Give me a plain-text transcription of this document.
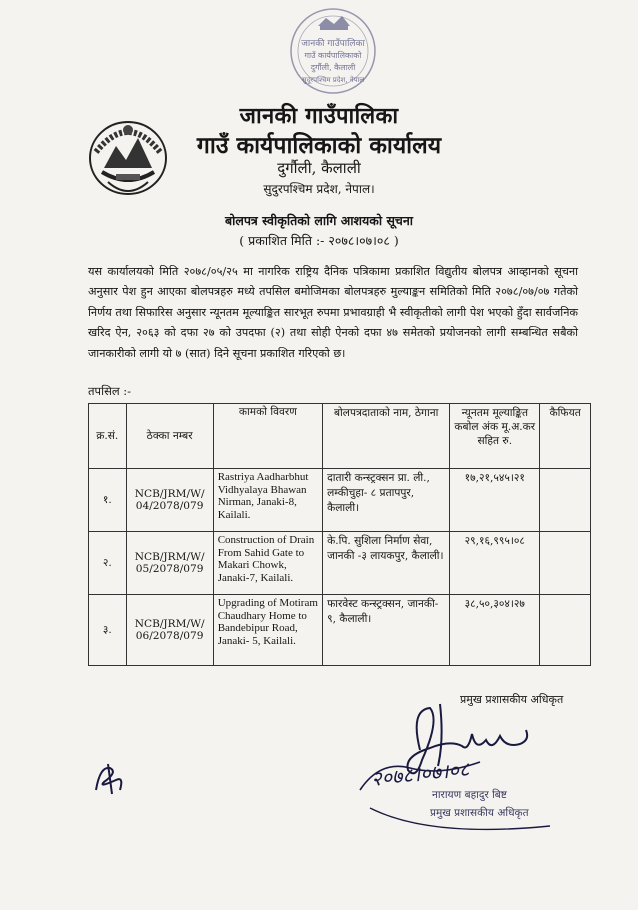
जानकी गाउँपालिका
गाउँ कार्यपालिकाको
दुर्गौली, कैलाली
सुदूरपश्चिम प्रदेश, नेपाल
जानकी गाउँपालिका
गाउँ कार्यपालिकाको कार्यालय
दुर्गौली, कैलाली
सुदुरपश्चिम प्रदेश, नेपाल।
बोलपत्र स्वीकृतिको लागि आशयको सूचना
( प्रकाशित मिति :- २०७८।०७।०८ )
यस कार्यालयको मिति २०७८/०५/२५ मा नागरिक राष्ट्रिय दैनिक पत्रिकामा प्रकाशित विद्युतीय बोलपत्र आव्हानको सूचना अनुसार पेश हुन आएका बोलपत्रहरु मध्ये तपसिल बमोजिमका बोलपत्रहरु मुल्याङ्कन समितिको मिति २०७८/०७/०७ गतेको निर्णय तथा सिफारिस अनुसार न्यूनतम मूल्याङ्कित सारभूत रुपमा प्रभावग्राही भै स्वीकृतीको लागी पेश भएको हुँदा सार्वजनिक खरिद ऐन, २०६३ को दफा २७ को उपदफा (२) तथा सोही ऐनको दफा ४७ समेतको प्रयोजनको लागी सम्बन्धित सबैको जानकारीको लागी यो ७ (सात) दिने सूचना प्रकाशित गरिएको छ।
तपसिल :-
क्र.सं.	ठेक्का नम्बर	कामको विवरण	बोलपत्रदाताको नाम, ठेगाना	न्यूनतम मूल्याङ्कित कबोल अंक मू.अ.कर सहित रु.	कैफियत
१.	NCB/JRM/W/ 04/2078/079	Rastriya Aadharbhut Vidhyalaya Bhawan Nirman, Janaki-8, Kailali.	दातारी कन्स्ट्रक्सन प्रा. ली., लम्कीचुहा- ८ प्रतापपुर, कैलाली।	१७,२१,५४५।२१	
२.	NCB/JRM/W/ 05/2078/079	Construction of Drain From Sahid Gate to Makari Chowk, Janaki-7, Kailali.	के.पि. सुशिला निर्माण सेवा, जानकी -३ लायकपुर, कैलाली।	२९,१६,९९५।०८	
३.	NCB/JRM/W/ 06/2078/079	Upgrading of Motiram Chaudhary Home to Bandebipur Road, Janaki- 5, Kailali.	फारवेस्ट कन्स्ट्रक्सन, जानकी- ९, कैलाली।	३८,५०,३०४।२७	
प्रमुख प्रशासकीय अधिकृत
२०७८।०७।०८
नारायण बहादुर बिष्ट
प्रमुख प्रशासकीय अधिकृत
